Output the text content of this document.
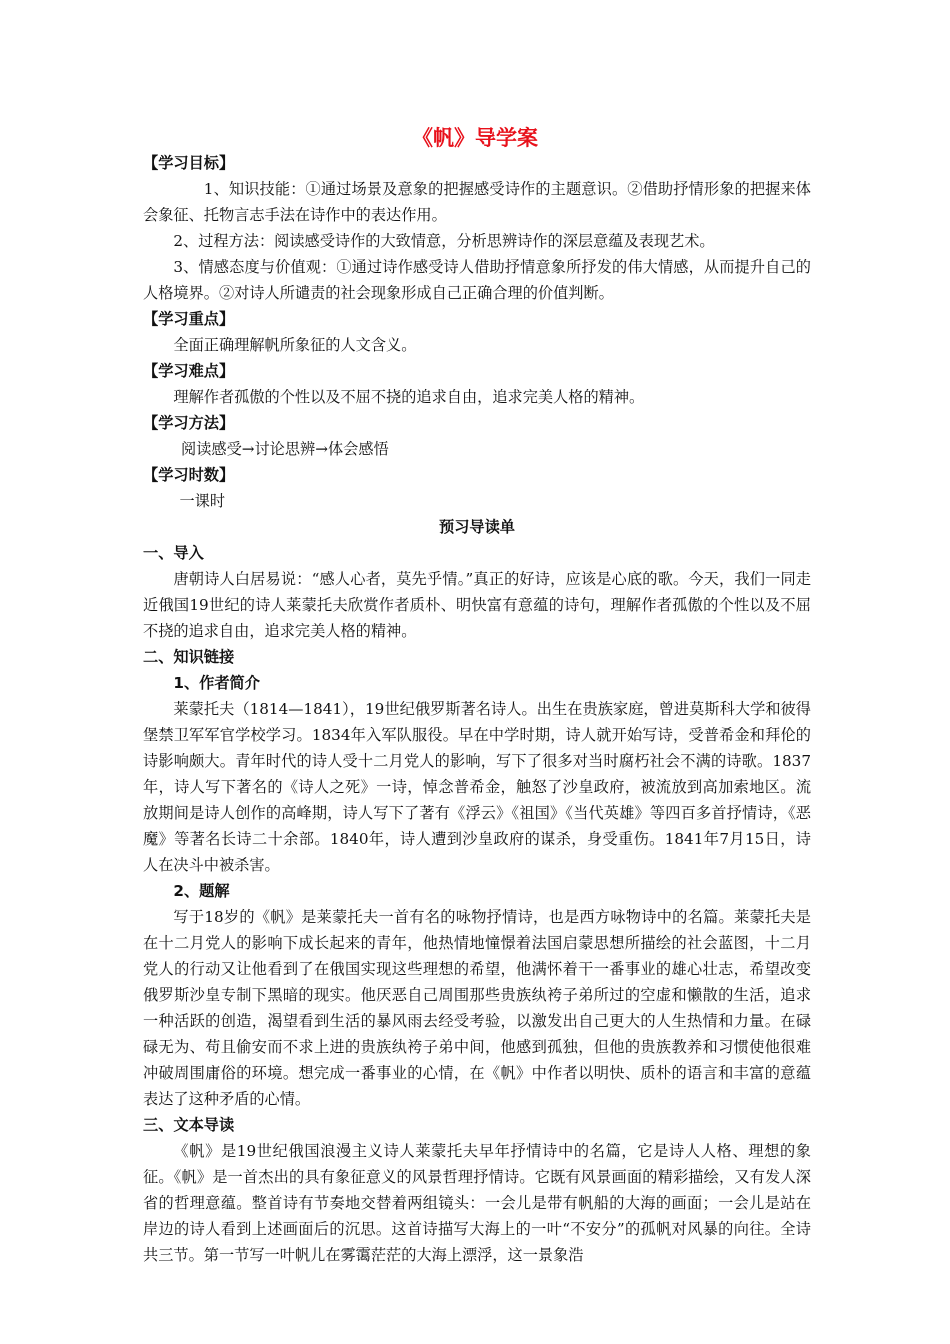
《帆》导学案

【学习目标】

1、知识技能：①通过场景及意象的把握感受诗作的主题意识。②借助抒情形象的把握来体会象征、托物言志手法在诗作中的表达作用。

2、过程方法：阅读感受诗作的大致情意，分析思辨诗作的深层意蕴及表现艺术。

3、情感态度与价值观：①通过诗作感受诗人借助抒情意象所抒发的伟大情感，从而提升自己的人格境界。②对诗人所谴责的社会现象形成自己正确合理的价值判断。

【学习重点】

全面正确理解帆所象征的人文含义。

【学习难点】

理解作者孤傲的个性以及不屈不挠的追求自由，追求完美人格的精神。

【学习方法】

阅读感受→讨论思辨→体会感悟

【学习时数】

一课时

预习导读单

一、导入

唐朝诗人白居易说：“感人心者，莫先乎情。”真正的好诗，应该是心底的歌。今天，我们一同走近俄国19世纪的诗人莱蒙托夫欣赏作者质朴、明快富有意蕴的诗句，理解作者孤傲的个性以及不屈不挠的追求自由，追求完美人格的精神。

二、知识链接

1、作者简介

莱蒙托夫（1814—1841），19世纪俄罗斯著名诗人。出生在贵族家庭，曾进莫斯科大学和彼得堡禁卫军军官学校学习。1834年入军队服役。早在中学时期，诗人就开始写诗，受普希金和拜伦的诗影响颇大。青年时代的诗人受十二月党人的影响，写下了很多对当时腐朽社会不满的诗歌。1837年，诗人写下著名的《诗人之死》一诗，悼念普希金，触怒了沙皇政府，被流放到高加索地区。流放期间是诗人创作的高峰期，诗人写下了著有《浮云》《祖国》《当代英雄》等四百多首抒情诗，《恶魔》等著名长诗二十余部。1840年，诗人遭到沙皇政府的谋杀，身受重伤。1841年7月15日，诗人在决斗中被杀害。

2、题解

写于18岁的《帆》是莱蒙托夫一首有名的咏物抒情诗，也是西方咏物诗中的名篇。莱蒙托夫是在十二月党人的影响下成长起来的青年，他热情地憧憬着法国启蒙思想所描绘的社会蓝图，十二月党人的行动又让他看到了在俄国实现这些理想的希望，他满怀着干一番事业的雄心壮志，希望改变俄罗斯沙皇专制下黑暗的现实。他厌恶自己周围那些贵族纨袴子弟所过的空虚和懒散的生活，追求一种活跃的创造，渴望看到生活的暴风雨去经受考验，以激发出自己更大的人生热情和力量。在碌碌无为、苟且偷安而不求上进的贵族纨袴子弟中间，他感到孤独，但他的贵族教养和习惯使他很难冲破周围庸俗的环境。想完成一番事业的心情，在《帆》中作者以明快、质朴的语言和丰富的意蕴表达了这种矛盾的心情。

三、文本导读

《帆》是19世纪俄国浪漫主义诗人莱蒙托夫早年抒情诗中的名篇，它是诗人人格、理想的象征。《帆》是一首杰出的具有象征意义的风景哲理抒情诗。它既有风景画面的精彩描绘，又有发人深省的哲理意蕴。整首诗有节奏地交替着两组镜头：一会儿是带有帆船的大海的画面；一会儿是站在岸边的诗人看到上述画面后的沉思。这首诗描写大海上的一叶“不安分”的孤帆对风暴的向往。全诗共三节。第一节写一叶帆儿在雾霭茫茫的大海上漂浮，这一景象浩
